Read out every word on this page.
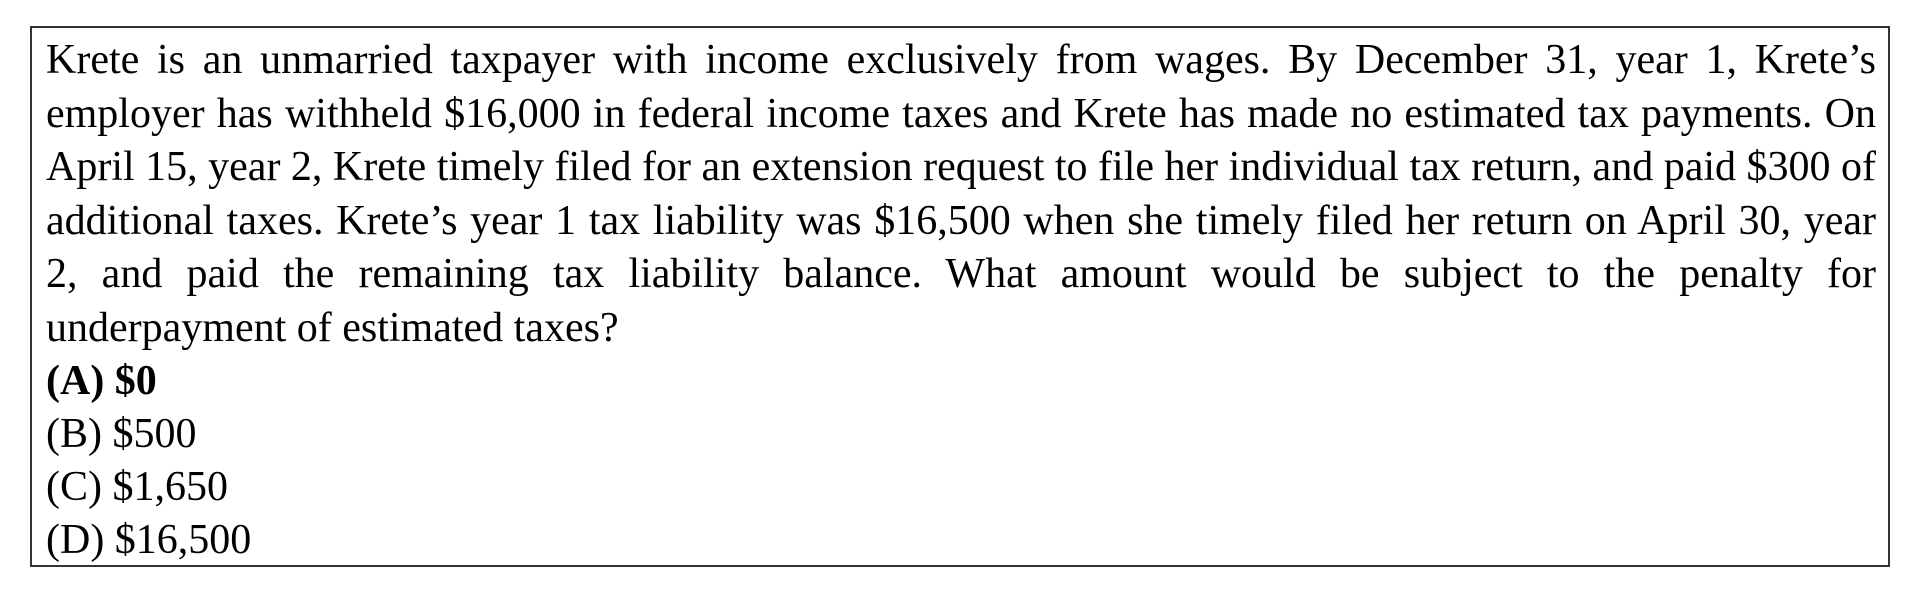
Krete is an unmarried taxpayer with income exclusively from wages. By December 31, year 1, Krete’s employer has withheld $16,000 in federal income taxes and Krete has made no estimated tax payments. On April 15, year 2, Krete timely filed for an extension request to file her individual tax return, and paid $300 of additional taxes. Krete’s year 1 tax liability was $16,500 when she timely filed her return on April 30, year 2, and paid the remaining tax liability balance. What amount would be subject to the penalty for underpayment of estimated taxes?

(A) $0
(B) $500
(C) $1,650
(D) $16,500
